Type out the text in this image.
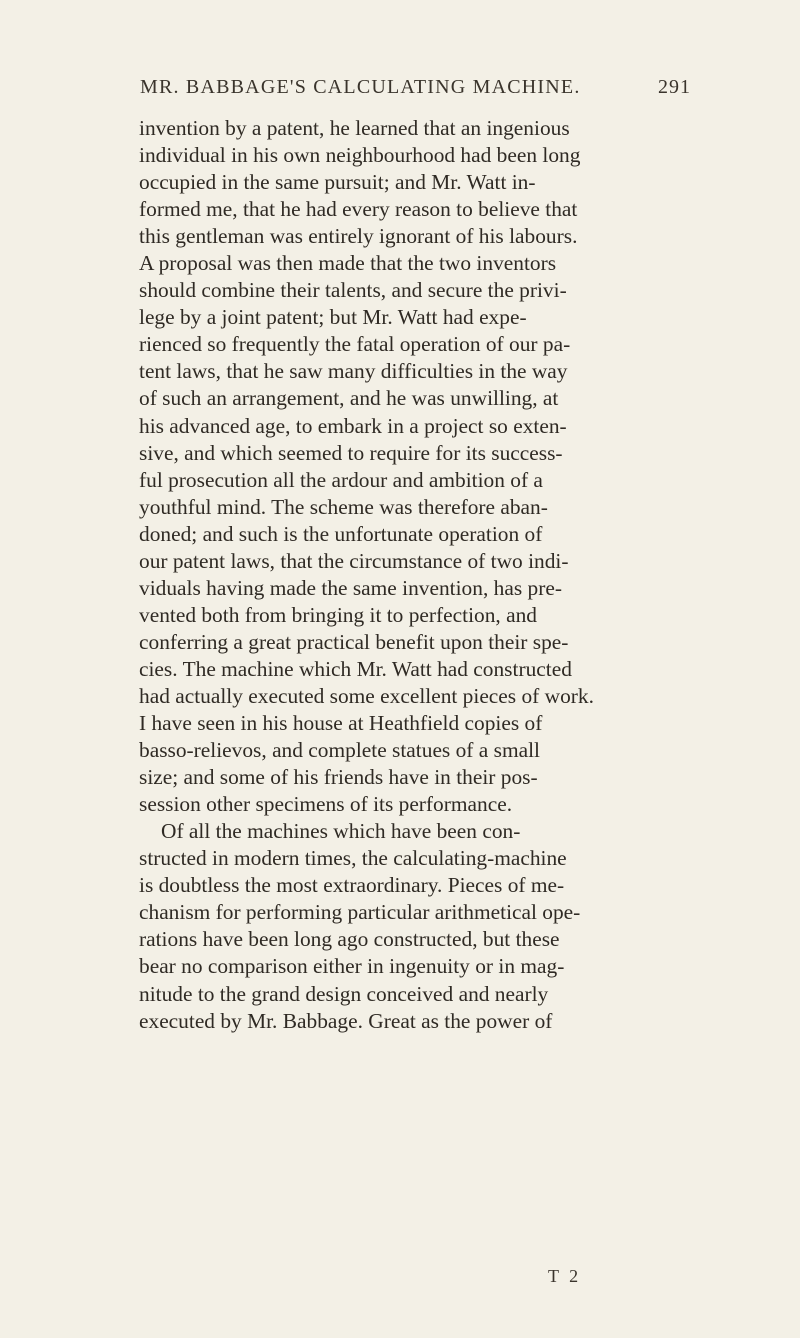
MR. BABBAGE'S CALCULATING MACHINE.	291
invention by a patent, he learned that an ingenious
individual in his own neighbourhood had been long
occupied in the same pursuit; and Mr. Watt in-
formed me, that he had every reason to believe that
this gentleman was entirely ignorant of his labours.
A proposal was then made that the two inventors
should combine their talents, and secure the privi-
lege by a joint patent; but Mr. Watt had expe-
rienced so frequently the fatal operation of our pa-
tent laws, that he saw many difficulties in the way
of such an arrangement, and he was unwilling, at
his advanced age, to embark in a project so exten-
sive, and which seemed to require for its success-
ful prosecution all the ardour and ambition of a
youthful mind. The scheme was therefore aban-
doned; and such is the unfortunate operation of
our patent laws, that the circumstance of two indi-
viduals having made the same invention, has pre-
vented both from bringing it to perfection, and
conferring a great practical benefit upon their spe-
cies. The machine which Mr. Watt had constructed
had actually executed some excellent pieces of work.
I have seen in his house at Heathfield copies of
basso-relievos, and complete statues of a small
size; and some of his friends have in their pos-
session other specimens of its performance.
Of all the machines which have been con-
structed in modern times, the calculating-machine
is doubtless the most extraordinary. Pieces of me-
chanism for performing particular arithmetical ope-
rations have been long ago constructed, but these
bear no comparison either in ingenuity or in mag-
nitude to the grand design conceived and nearly
executed by Mr. Babbage. Great as the power of
T 2
